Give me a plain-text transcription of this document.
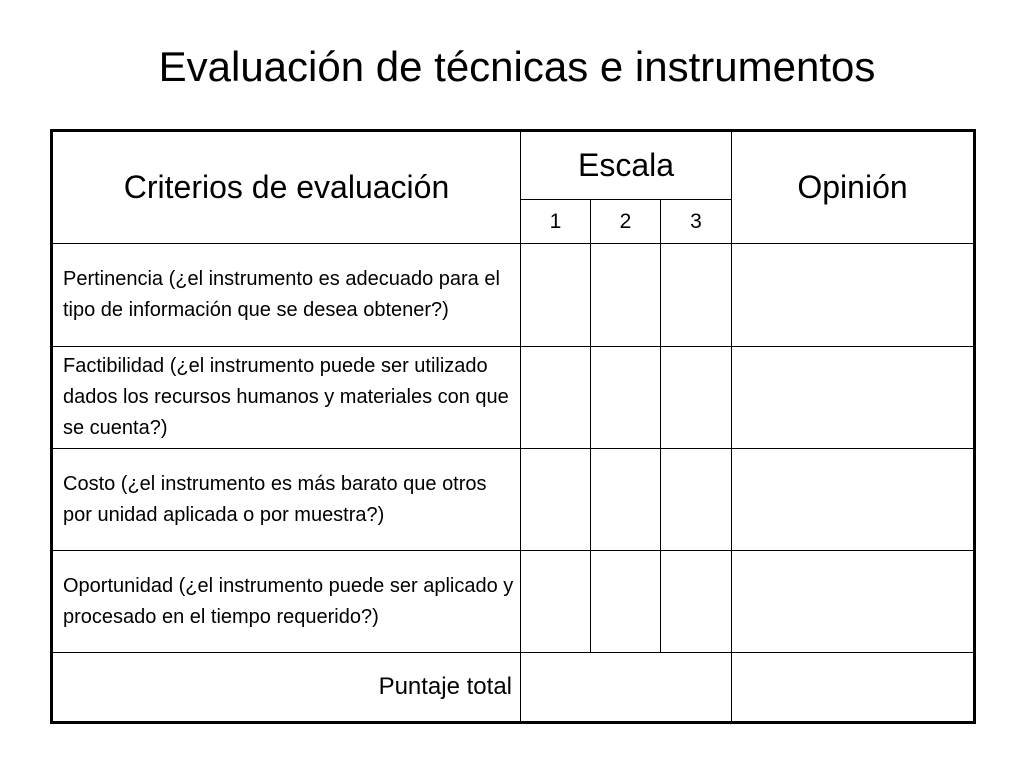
Evaluación de técnicas e instrumentos
Criterios de evaluación	Escala			Opinión
	1	2	3	
Pertinencia (¿el instrumento es adecuado para el tipo de información que se desea obtener?)				
Factibilidad (¿el instrumento puede ser utilizado dados los recursos humanos y materiales con que se cuenta?)				
Costo (¿el instrumento es más barato que otros por unidad aplicada o por muestra?)				
Oportunidad (¿el instrumento puede ser aplicado y procesado en el tiempo requerido?)				
Puntaje total				
